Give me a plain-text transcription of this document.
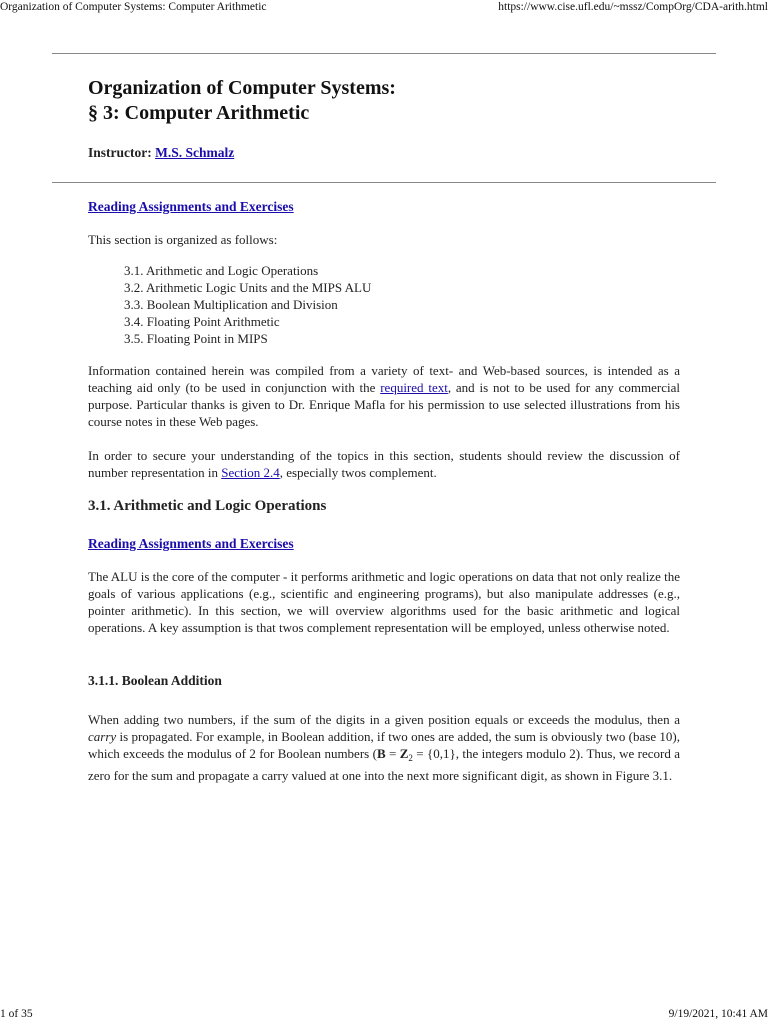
Organization of Computer Systems: Computer Arithmetic	https://www.cise.ufl.edu/~mssz/CompOrg/CDA-arith.html
Organization of Computer Systems:
§ 3: Computer Arithmetic
Instructor: M.S. Schmalz
Reading Assignments and Exercises
This section is organized as follows:
3.1. Arithmetic and Logic Operations
3.2. Arithmetic Logic Units and the MIPS ALU
3.3. Boolean Multiplication and Division
3.4. Floating Point Arithmetic
3.5. Floating Point in MIPS

Information contained herein was compiled from a variety of text- and Web-based sources, is intended as a teaching aid only (to be used in conjunction with the required text, and is not to be used for any commercial purpose. Particular thanks is given to Dr. Enrique Mafla for his permission to use selected illustrations from his course notes in these Web pages.

In order to secure your understanding of the topics in this section, students should review the discussion of number representation in Section 2.4, especially twos complement.

3.1. Arithmetic and Logic Operations
Reading Assignments and Exercises

The ALU is the core of the computer - it performs arithmetic and logic operations on data that not only realize the goals of various applications (e.g., scientific and engineering programs), but also manipulate addresses (e.g., pointer arithmetic). In this section, we will overview algorithms used for the basic arithmetic and logical operations. A key assumption is that twos complement representation will be employed, unless otherwise noted.

3.1.1. Boolean Addition

When adding two numbers, if the sum of the digits in a given position equals or exceeds the modulus, then a carry is propagated. For example, in Boolean addition, if two ones are added, the sum is obviously two (base 10), which exceeds the modulus of 2 for Boolean numbers ($B = Z_2 = \{0,1\}$, the integers modulo 2). Thus, we record a zero for the sum and propagate a carry valued at one into the next more significant digit, as shown in Figure 3.1.

1 of 35	9/19/2021, 10:41 AM
